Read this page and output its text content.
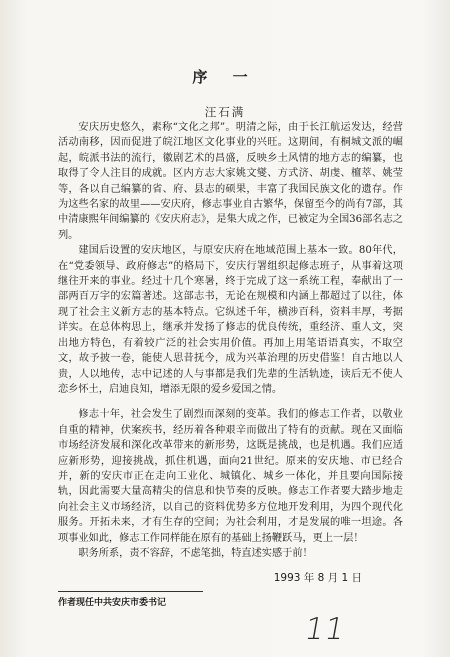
序 一
汪石满

安庆历史悠久，素称“文化之邦”。明清之际，由于长江航运发达，经营活动南移，因而促进了皖江地区文化事业的兴旺。这期间，有桐城文派的崛起，皖派书法的流行，徽剧艺术的昌盛，反映乡土风情的地方志的编纂，也取得了令人注目的成就。区内方志大家姚文燮、方式济、胡虔、檀萃、姚莹等，各以自己编纂的省、府、县志的硕果，丰富了我国民族文化的遗存。作为这些名家的故里——安庆府，修志事业自古繁华，保留至今的尚有7部，其中清康熙年间编纂的《安庆府志》，是集大成之作，已被定为全国36部名志之列。

建国后设置的安庆地区，与原安庆府在地域范围上基本一致。80年代，在“党委领导、政府修志”的格局下，安庆行署组织起修志班子，从事着这项继往开来的事业。经过十几个寒暑，终于完成了这一系统工程，奉献出了一部两百万字的宏篇著述。这部志书，无论在规模和内涵上都超过了以往，体现了社会主义新方志的基本特点。它纵述千年，横涉百科，资料丰厚，考据详实。在总体构思上，继承并发扬了修志的优良传统，重经济、重人文，突出地方特色，有着较广泛的社会实用价值。再加上用笔语语真实，不取空文，故予披一卷，能使人思昔抚今，成为兴革治理的历史借鉴！自古地以人贵，人以地传，志中记述的人与事都是我们先辈的生活轨迹，读后无不使人恋乡怀土，启迪良知，增添无限的爱乡爱国之情。

修志十年，社会发生了剧烈而深刻的变革。我们的修志工作者，以敬业自重的精神，伏案疾书，经历着各种艰辛而做出了特有的贡献。现在又面临市场经济发展和深化改革带来的新形势，这既是挑战，也是机遇。我们应适应新形势，迎接挑战，抓住机遇，面向21世纪。原来的安庆地、市已经合并，新的安庆市正在走向工业化、城镇化、城乡一体化，并且要向国际接轨，因此需要大量高精尖的信息和快节奏的反映。修志工作者要大踏步地走向社会主义市场经济，以自己的资料优势多方位地开发利用，为四个现代化服务。开拓未来，才有生存的空间；为社会利用，才是发展的唯一坦途。各项事业如此，修志工作同样能在原有的基础上扬鞭跃马，更上一层！

职务所系，责不容辞，不虑笔拙，特直述实感于前！

1993 年 8 月 1 日
作者现任中共安庆市委书记
11
